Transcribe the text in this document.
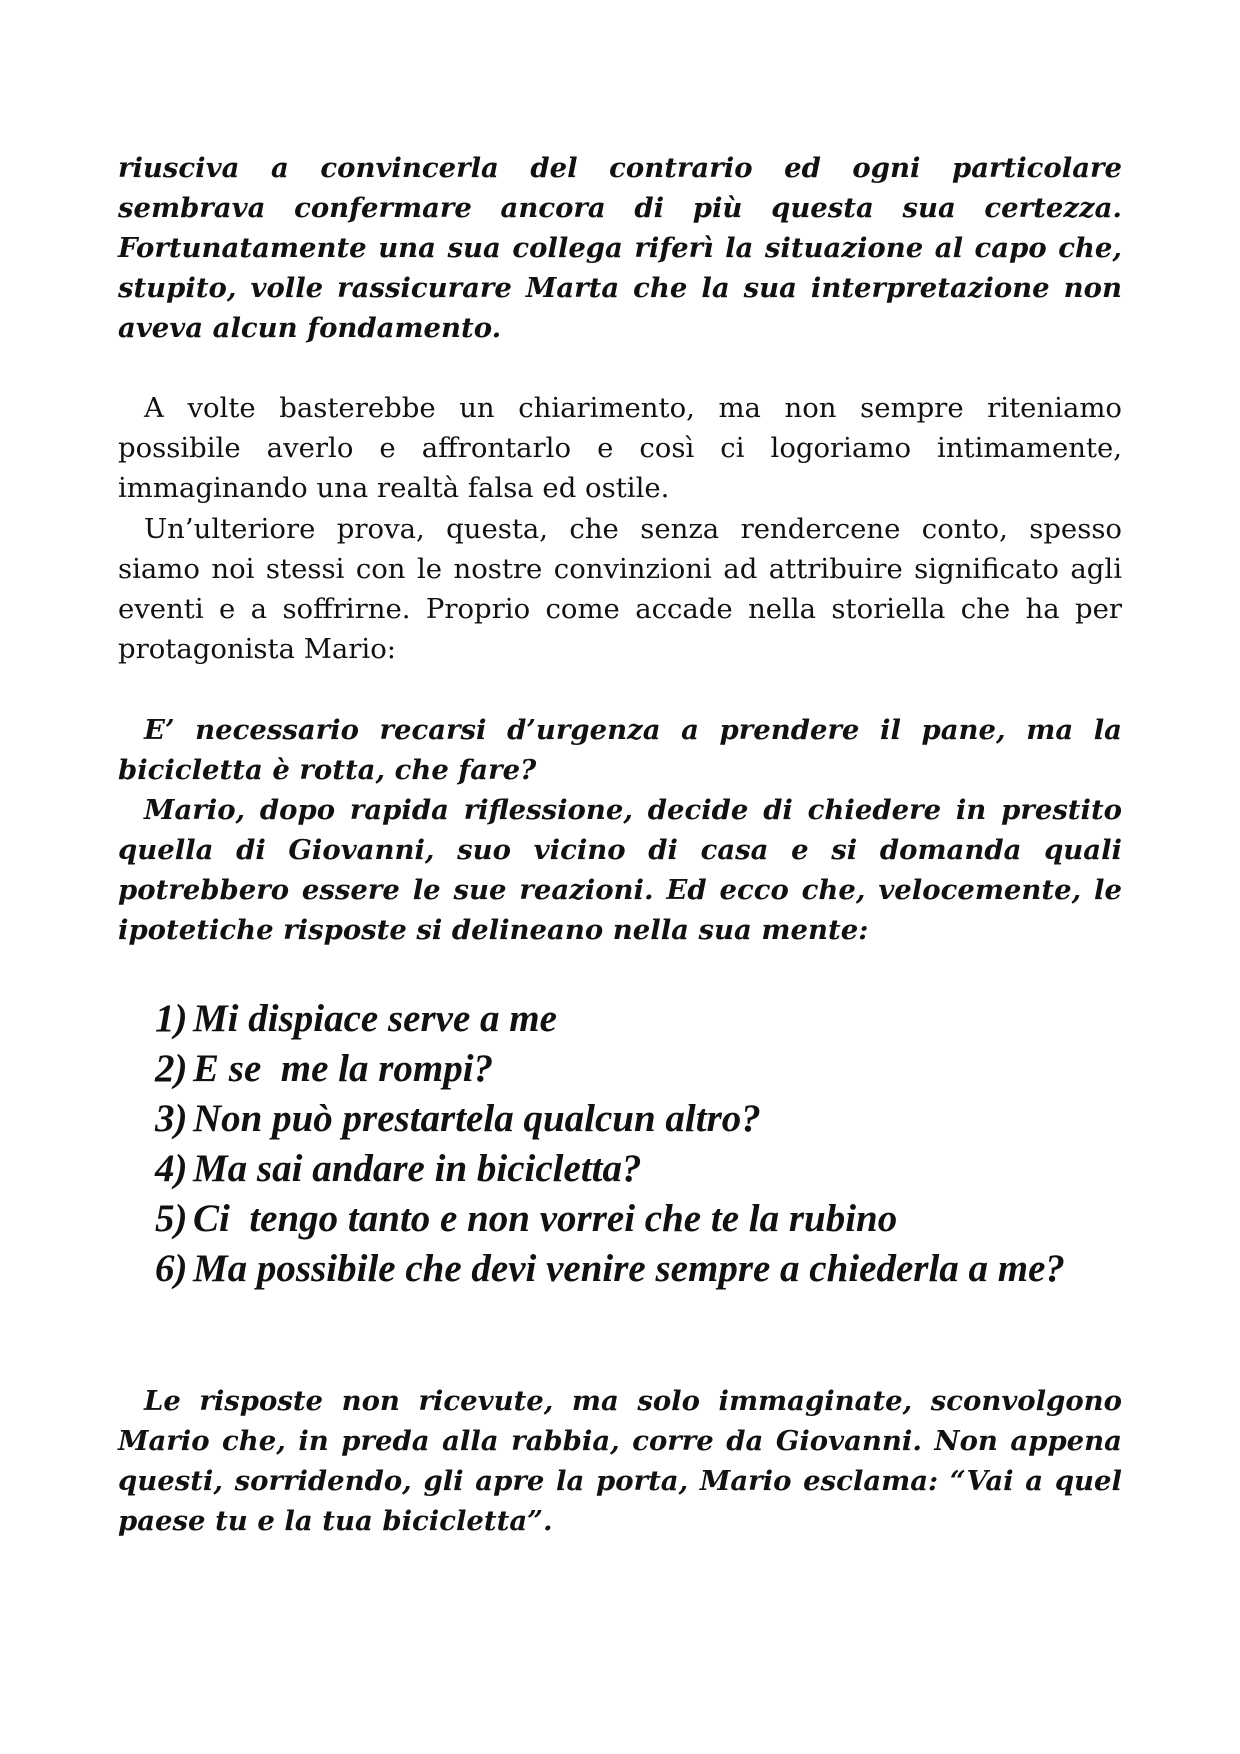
riusciva a convincerla del contrario ed ogni particolare sembrava confermare ancora di più questa sua certezza. Fortunatamente una sua collega riferì la situazione al capo che, stupito, volle rassicurare Marta che la sua interpretazione non aveva alcun fondamento.

A volte basterebbe un chiarimento, ma non sempre riteniamo possibile averlo e affrontarlo e così ci logoriamo intimamente, immaginando una realtà falsa ed ostile.

Un’ulteriore prova, questa, che senza rendercene conto, spesso siamo noi stessi con le nostre convinzioni ad attribuire significato agli eventi e a soffrirne. Proprio come accade nella storiella che ha per protagonista Mario:

E’ necessario recarsi d’urgenza a prendere il pane, ma la bicicletta è rotta, che fare?

Mario, dopo rapida riflessione, decide di chiedere in prestito quella di Giovanni, suo vicino di casa e si domanda quali potrebbero essere le sue reazioni. Ed ecco che, velocemente, le ipotetiche risposte si delineano nella sua mente:

1) Mi dispiace serve a me
2) E se  me la rompi?
3) Non può prestartela qualcun altro?
4) Ma sai andare in bicicletta?
5) Ci  tengo tanto e non vorrei che te la rubino
6) Ma possibile che devi venire sempre a chiederla a me?

Le risposte non ricevute, ma solo immaginate, sconvolgono Mario che, in preda alla rabbia, corre da Giovanni. Non appena questi, sorridendo, gli apre la porta, Mario esclama: “Vai a quel paese tu e la tua bicicletta”.
